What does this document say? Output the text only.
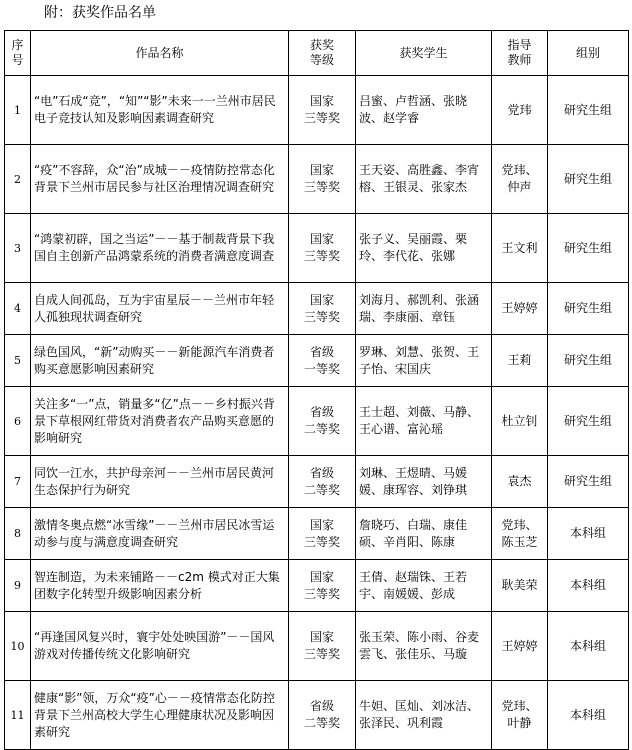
附：获奖作品名单
序
号	作品名称	获奖
等级	获奖学生	指导
教师	组别
1	“电”石成“竞”，“知”“影”未来一一兰州市居民电子竞技认知及影响因素调查研究	国家
三等奖	吕蜜、卢哲涵、张晓波、赵学睿	党玮	研究生组
2	“疫”不容辞，众“治”成城－－疫情防控常态化背景下兰州市居民参与社区治理情况调查研究	国家
三等奖	王天姿、高胜鑫、李宵榕、王银灵、张家杰	党玮、
仲声	研究生组
3	“鸿蒙初辟，国之当运”－－基于制裁背景下我国自主创新产品鸿蒙系统的消费者满意度调查	国家
三等奖	张子义、吴丽霞、栗玲、李代花、张娜	王文利	研究生组
4	自成人间孤岛，互为宇宙星辰－－兰州市年轻人孤独现状调查研究	国家
三等奖	刘海月、郝凯利、张涵瑞、李康丽、章钰	王婷婷	研究生组
5	绿色国风，“新”动购买－－新能源汽车消费者购买意愿影响因素研究	省级
一等奖	罗琳、刘慧、张贺、王子怡、宋国庆	王莉	研究生组
6	关注多“一”点，销量多“亿”点－－乡村振兴背景下草根网红带货对消费者农产品购买意愿的影响研究	省级
二等奖	王士超、刘薇、马静、王心谱、富沁瑶	杜立钊	研究生组
7	同饮一江水，共护母亲河－－兰州市居民黄河生态保护行为研究	省级
二等奖	刘琳、王煜晴、马媛媛、康珲容、刘铮琪	袁杰	研究生组
8	激情冬奥点燃“冰雪缘”－－兰州市居民冰雪运动参与度与满意度调查研究	国家
三等奖	詹晓巧、白瑞、康佳硕、辛肖阳、陈康	党玮、
陈玉芝	本科组
9	智连制造，为未来铺路－－c2m 模式对正大集团数字化转型升级影响因素分析	国家
三等奖	王倩、赵瑞铢、王若宇、南媛媛、彭成	耿美荣	本科组
10	“再逢国风复兴时，寰宇处处映国游”－－国风游戏对传播传统文化影响研究	国家
三等奖	张玉荣、陈小雨、谷麦雲飞、张佳乐、马璇	王婷婷	本科组
11	健康“影”领，万众“疫”心－－疫情常态化防控背景下兰州高校大学生心理健康状况及影响因素研究	省级
二等奖	牛妲、匡灿、刘冰洁、张泽民、巩利霞	党玮、
叶静	本科组
